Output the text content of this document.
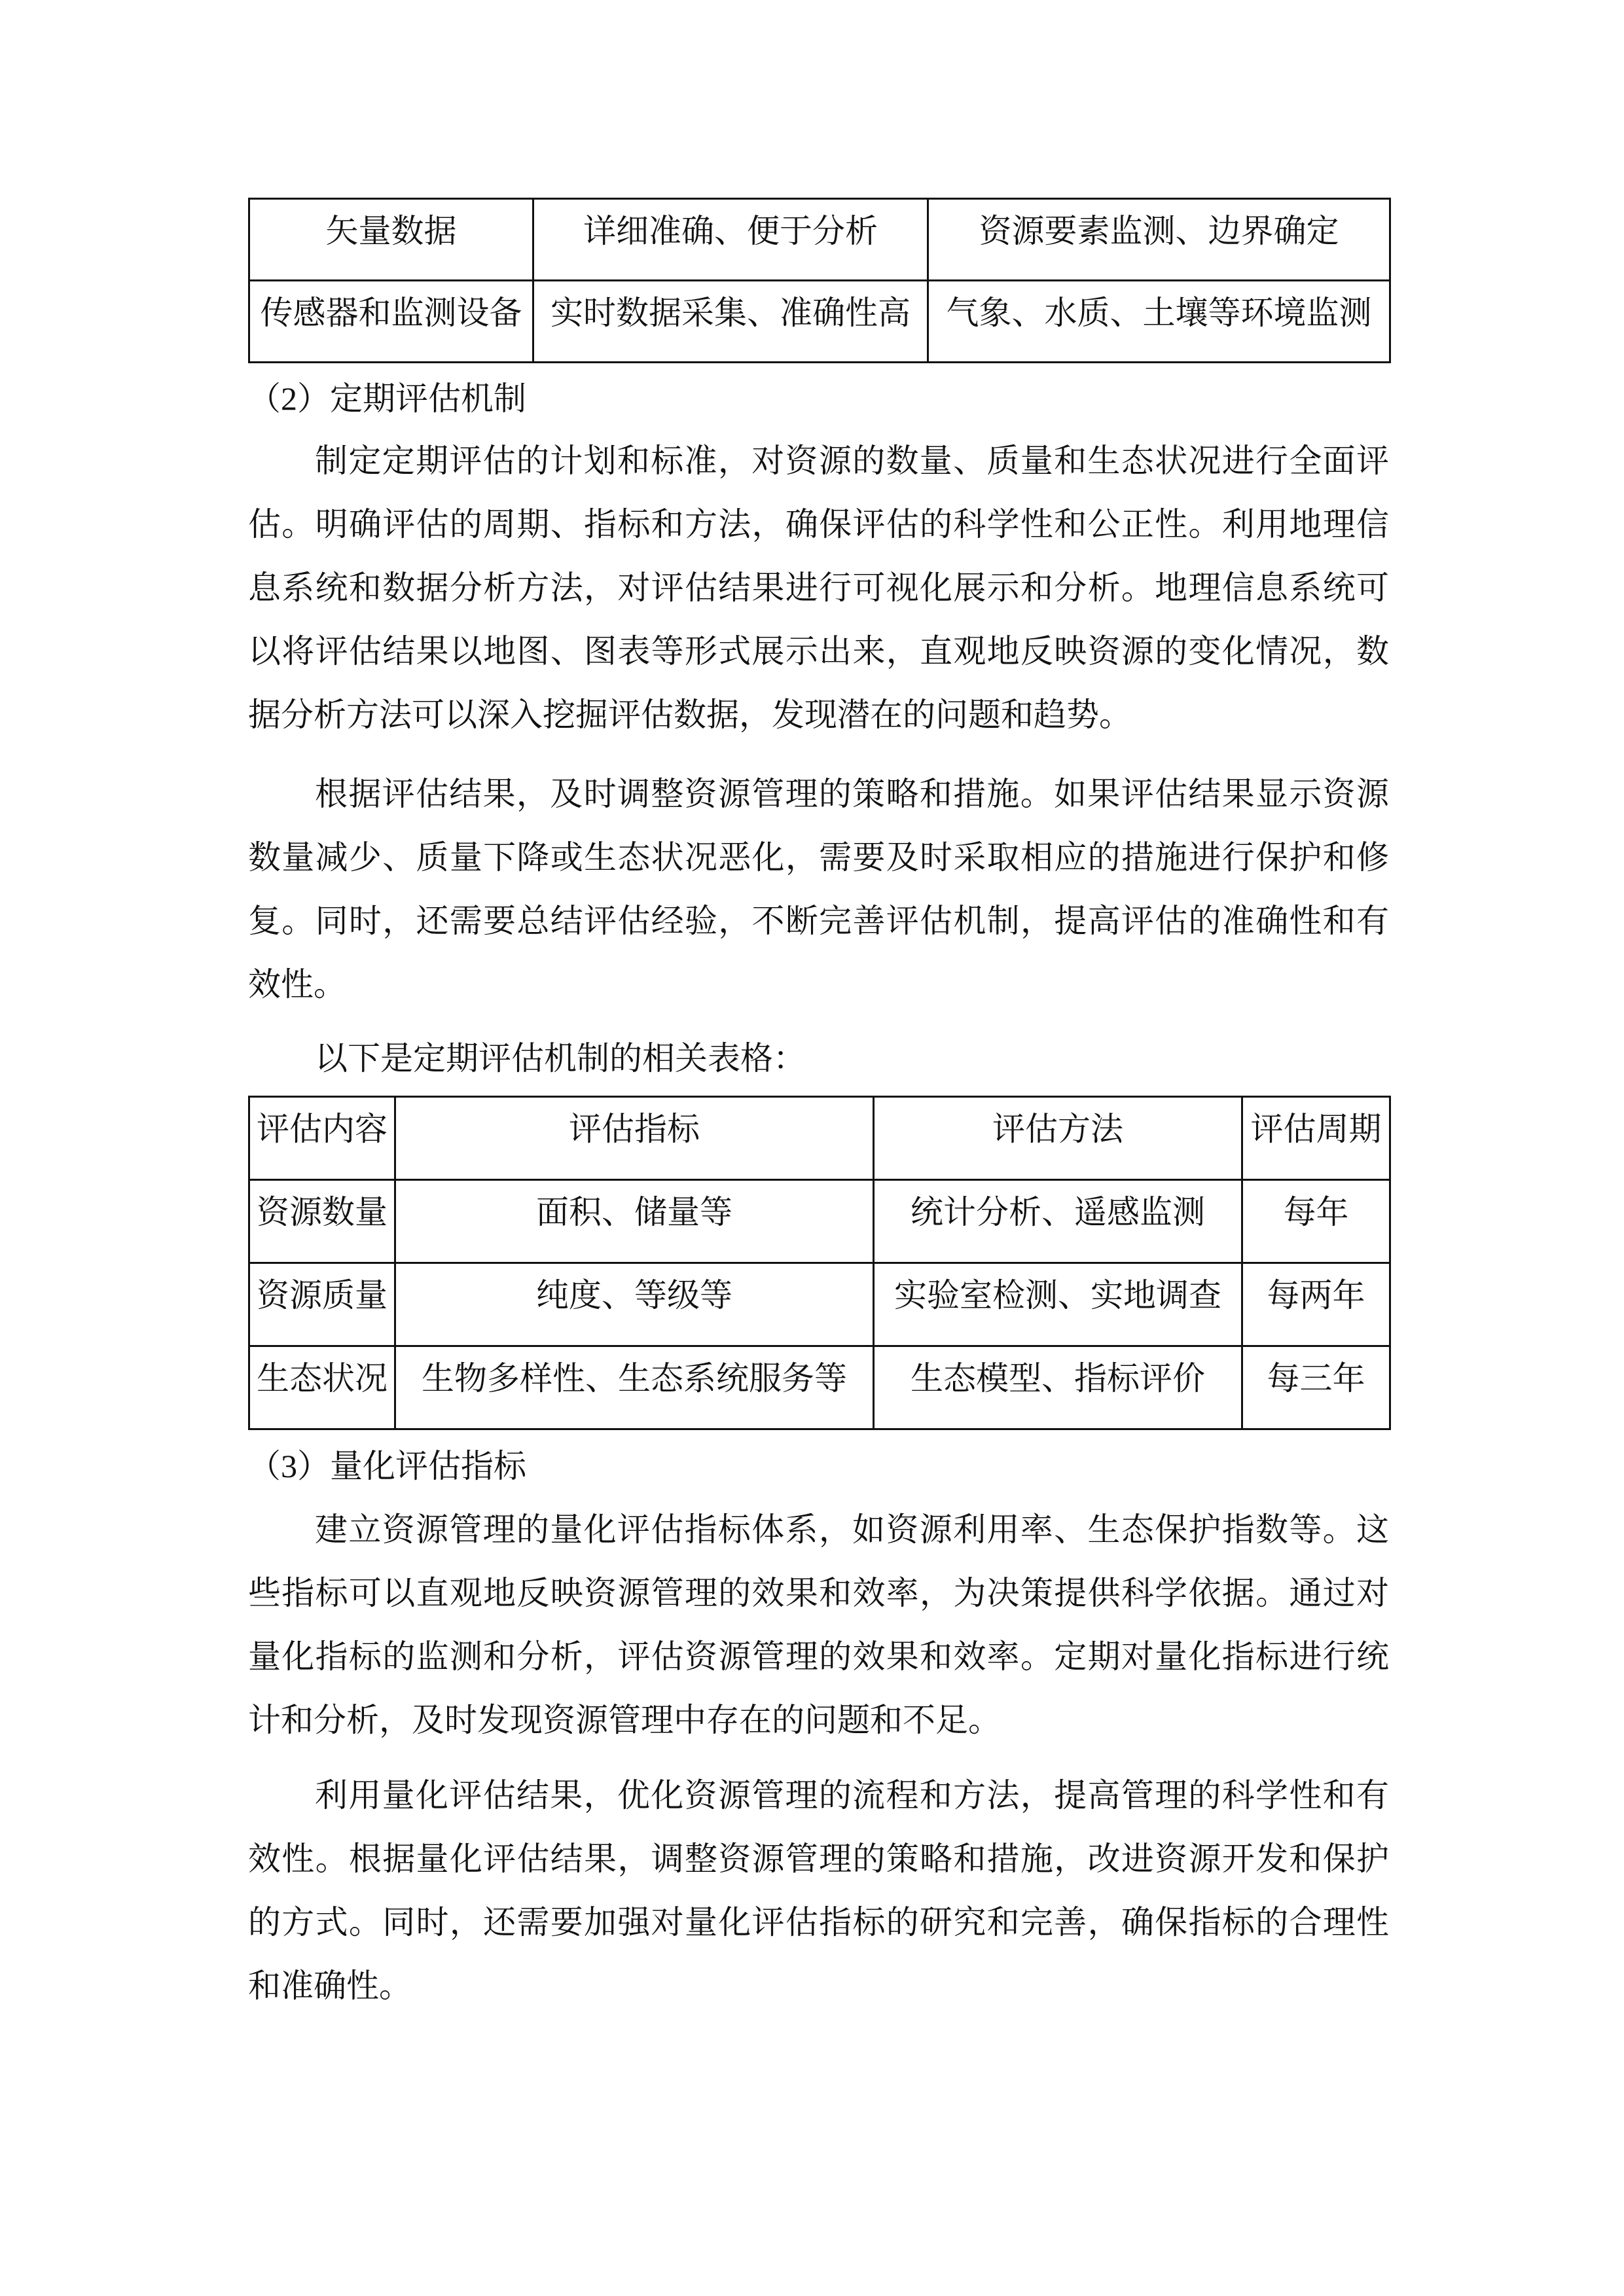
矢量数据	详细准确、便于分析	资源要素监测、边界确定
传感器和监测设备	实时数据采集、准确性高	气象、水质、土壤等环境监测
（2）定期评估机制
制定定期评估的计划和标准，对资源的数量、质量和生态状况进行全面评估。明确评估的周期、指标和方法，确保评估的科学性和公正性。利用地理信息系统和数据分析方法，对评估结果进行可视化展示和分析。地理信息系统可以将评估结果以地图、图表等形式展示出来，直观地反映资源的变化情况，数据分析方法可以深入挖掘评估数据，发现潜在的问题和趋势。
根据评估结果，及时调整资源管理的策略和措施。如果评估结果显示资源数量减少、质量下降或生态状况恶化，需要及时采取相应的措施进行保护和修复。同时，还需要总结评估经验，不断完善评估机制，提高评估的准确性和有效性。
以下是定期评估机制的相关表格：
评估内容	评估指标	评估方法	评估周期
资源数量	面积、储量等	统计分析、遥感监测	每年
资源质量	纯度、等级等	实验室检测、实地调查	每两年
生态状况	生物多样性、生态系统服务等	生态模型、指标评价	每三年
（3）量化评估指标
建立资源管理的量化评估指标体系，如资源利用率、生态保护指数等。这些指标可以直观地反映资源管理的效果和效率，为决策提供科学依据。通过对量化指标的监测和分析，评估资源管理的效果和效率。定期对量化指标进行统计和分析，及时发现资源管理中存在的问题和不足。
利用量化评估结果，优化资源管理的流程和方法，提高管理的科学性和有效性。根据量化评估结果，调整资源管理的策略和措施，改进资源开发和保护的方式。同时，还需要加强对量化评估指标的研究和完善，确保指标的合理性和准确性。
